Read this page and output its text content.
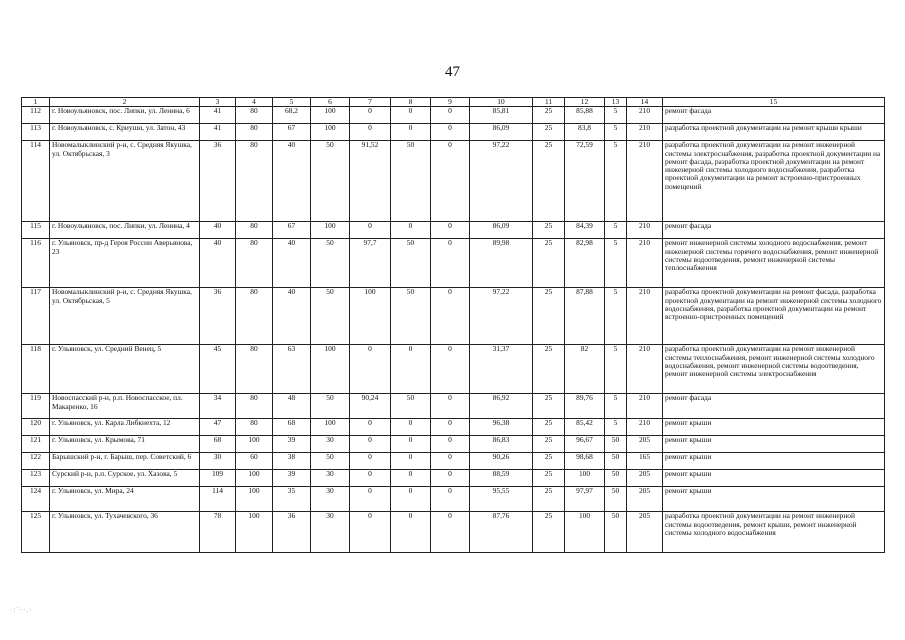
47
1	2	3	4	5	6	7	8	9	10	11	12	13	14	15
112	г. Новоульяновск, пос. Липки, ул. Ленина, 6	41	80	68,2	100	0	0	0	85,81	25	85,88	5	210	ремонт фасада
113	г. Новоульяновск, с. Криуши, ул. Затон, 43	41	80	67	100	0	0	0	86,09	25	83,8	5	210	разработка проектной документации на ремонт крыши крыши
114	Новомалыклинский р-н, с. Средняя Якушка, ул. Октябрьская, 3	36	80	40	50	91,52	50	0	97,22	25	72,59	5	210	разработка проектной документации на ремонт инженерной системы электроснабжения, разработка проектной документации на ремонт фасада, разработка проектной документации на ремонт инженерной системы холодного водоснабжения, разработка проектной документации на ремонт встроенно-пристроенных помещений
115	г. Новоульяновск, пос. Липки, ул. Ленина, 4	40	80	67	100	0	0	0	86,09	25	84,39	5	210	ремонт фасада
116	г. Ульяновск, пр-д Героя России Аверьянова, 23	40	80	40	50	97,7	50	0	89,98	25	82,98	5	210	ремонт инженерной системы холодного водоснабжения, ремонт инженерной системы горячего водоснабжения, ремонт инженерной системы водоотведения, ремонт инженерной системы теплоснабжения
117	Новомалыклинский р-н, с. Средняя Якушка, ул. Октябрьская, 5	36	80	40	50	100	50	0	97,22	25	87,88	5	210	разработка проектной документации на ремонт фасада, разработка проектной документации на ремонт инженерной системы холодного водоснабжения, разработка проектной документации на ремонт встроенно-пристроенных помещений
118	г. Ульяновск, ул. Средний Венец, 5	45	80	63	100	0	0	0	31,37	25	82	5	210	разработка проектной документации на ремонт инженерной системы теплоснабжения, ремонт инженерной системы холодного водоснабжения, ремонт инженерной системы водоотведения, ремонт инженерной системы электроснабжения
119	Новоспасский р-н, р.п. Новоспасское, пл. Макаренко, 16	34	80	48	50	90,24	50	0	86,92	25	89,76	5	210	ремонт фасада
120	г. Ульяновск, ул. Карла Либкнехта, 12	47	80	68	100	0	0	0	96,38	25	85,42	5	210	ремонт крыши
121	г. Ульяновск, ул. Крымова, 71	68	100	39	30	0	0	0	86,83	25	96,67	50	205	ремонт крыши
122	Барышский р-н, г. Барыш, пер. Советский, 6	30	60	38	50	0	0	0	90,26	25	98,68	50	165	ремонт крыши
123	Сурский р-н, р.п. Сурское, ул. Хазова, 5	109	100	39	30	0	0	0	88,59	25	100	50	205	ремонт крыши
124	г. Ульяновск, ул. Мира, 24	114	100	35	30	0	0	0	95,55	25	97,97	50	205	ремонт крыши
125	г. Ульяновск, ул. Тухачевского, 36	78	100	36	30	0	0	0	87,76	25	100	50	205	разработка проектной документации на ремонт инженерной системы водоотведения, ремонт крыши, ремонт инженерной системы холодного водоснабжения
·:˙··.·
